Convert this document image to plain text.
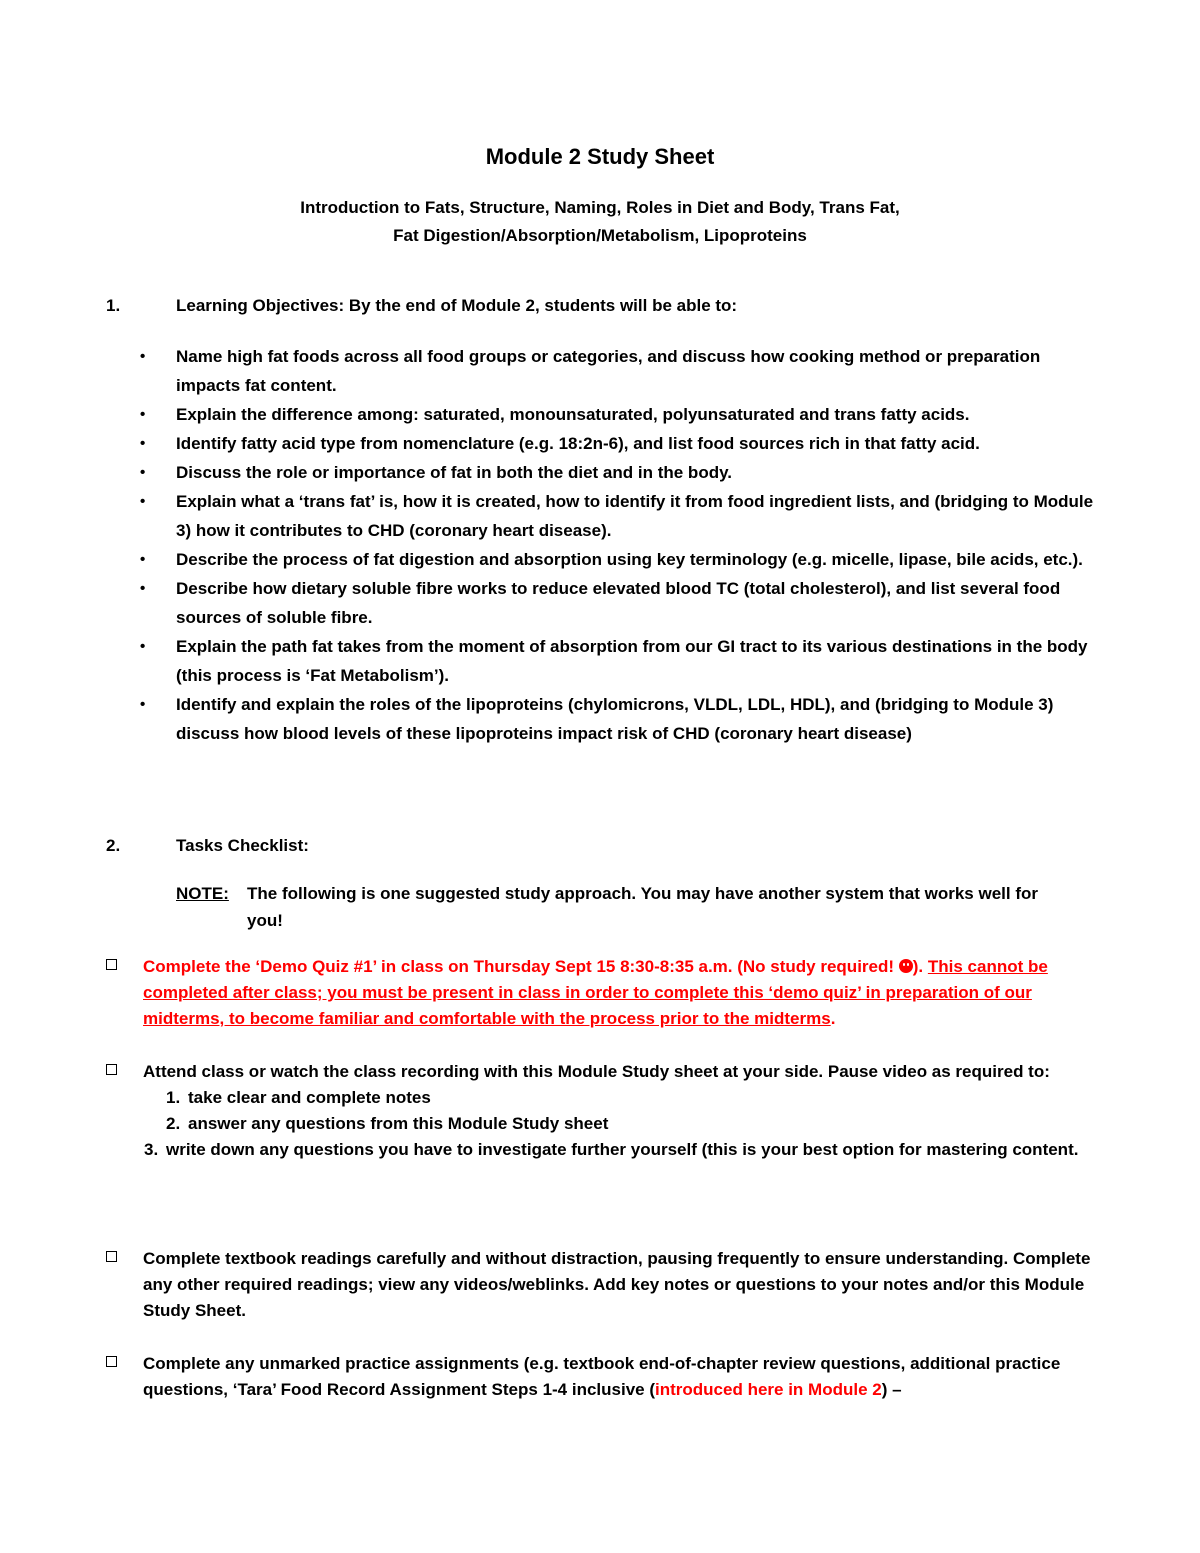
Module 2 Study Sheet
Introduction to Fats, Structure, Naming, Roles in Diet and Body, Trans Fat,
Fat Digestion/Absorption/Metabolism, Lipoproteins
1.	Learning Objectives: By the end of Module 2, students will be able to:
• Name high fat foods across all food groups or categories, and discuss how cooking method or preparation impacts fat content.
• Explain the difference among: saturated, monounsaturated, polyunsaturated and trans fatty acids.
• Identify fatty acid type from nomenclature (e.g. 18:2n-6), and list food sources rich in that fatty acid.
• Discuss the role or importance of fat in both the diet and in the body.
• Explain what a ‘trans fat’ is, how it is created, how to identify it from food ingredient lists, and (bridging to Module 3) how it contributes to CHD (coronary heart disease).
• Describe the process of fat digestion and absorption using key terminology (e.g. micelle, lipase, bile acids, etc.).
• Describe how dietary soluble fibre works to reduce elevated blood TC (total cholesterol), and list several food sources of soluble fibre.
• Explain the path fat takes from the moment of absorption from our GI tract to its various destinations in the body (this process is ‘Fat Metabolism’).
• Identify and explain the roles of the lipoproteins (chylomicrons, VLDL, LDL, HDL), and (bridging to Module 3) discuss how blood levels of these lipoproteins impact risk of CHD (coronary heart disease)
2.	Tasks Checklist:
NOTE: The following is one suggested study approach. You may have another system that works well for you!
Complete the ‘Demo Quiz #1’ in class on Thursday Sept 15 8:30-8:35 a.m. (No study required! ). This cannot be completed after class; you must be present in class in order to complete this ‘demo quiz’ in preparation of our midterms, to become familiar and comfortable with the process prior to the midterms.
Attend class or watch the class recording with this Module Study sheet at your side. Pause video as required to:
1. take clear and complete notes
2. answer any questions from this Module Study sheet
3. write down any questions you have to investigate further yourself (this is your best option for mastering content.
Complete textbook readings carefully and without distraction, pausing frequently to ensure understanding. Complete any other required readings; view any videos/weblinks. Add key notes or questions to your notes and/or this Module Study Sheet.
Complete any unmarked practice assignments (e.g. textbook end-of-chapter review questions, additional practice questions, ‘Tara’ Food Record Assignment Steps 1-4 inclusive (introduced here in Module 2) –
